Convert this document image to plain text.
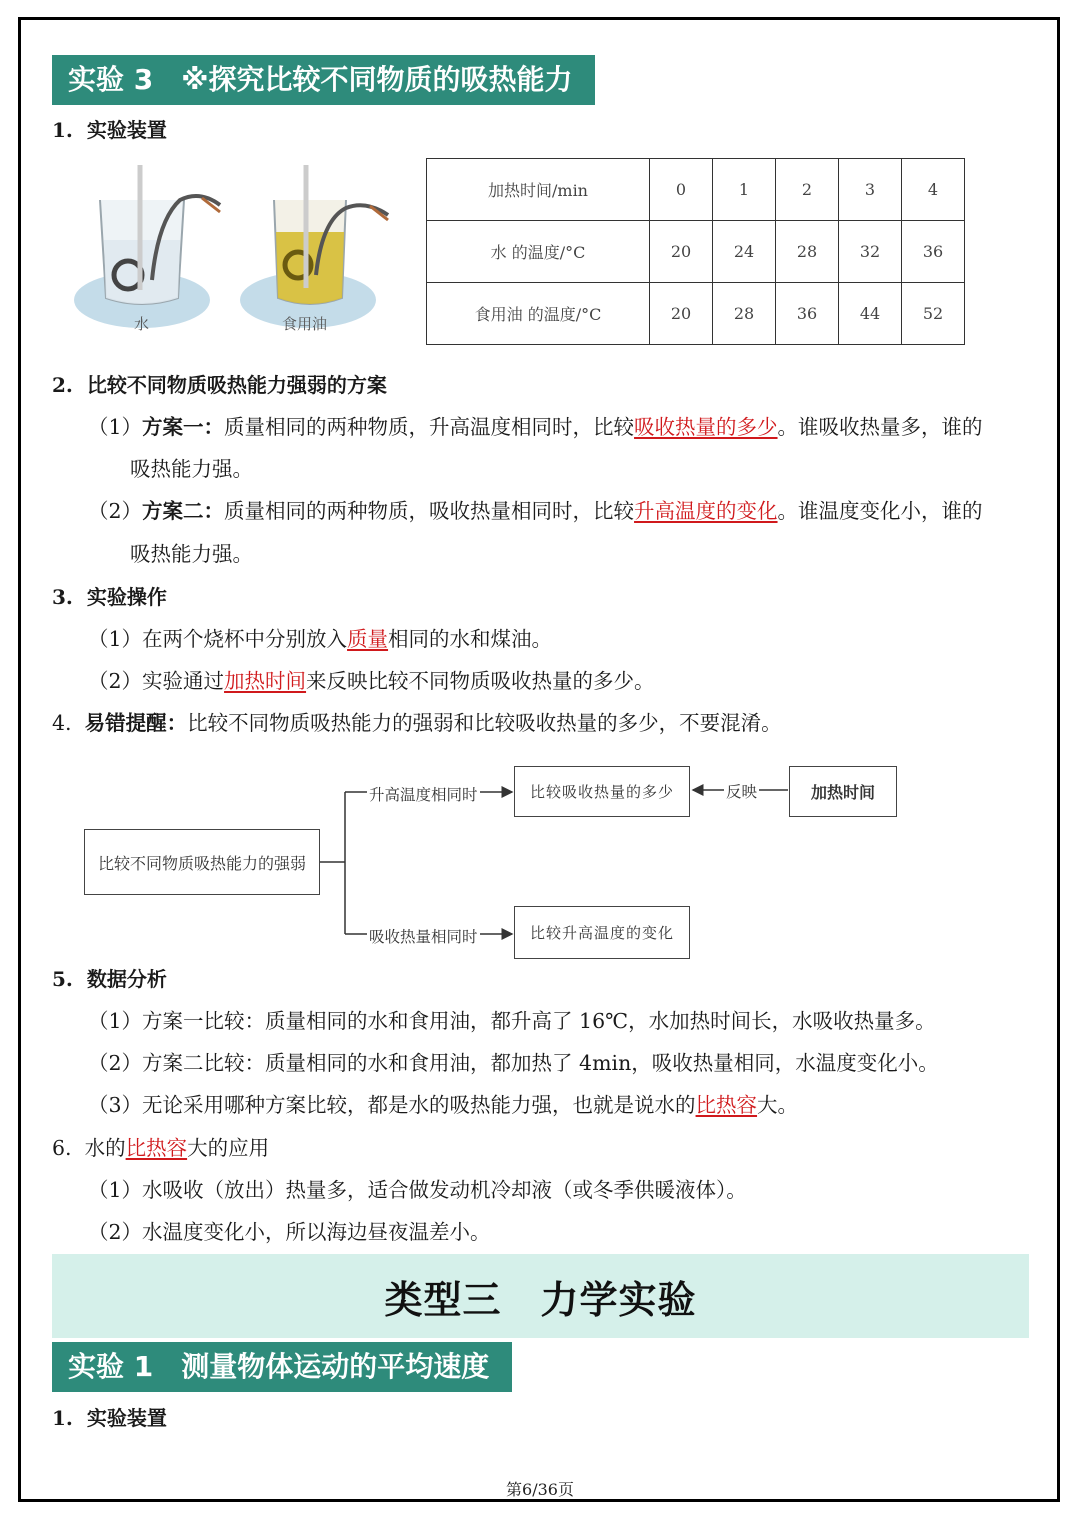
实验 3　※探究比较不同物质的吸热能力
1. 实验装置
水	食用油
加热时间/min	0	1	2	3	4
水 的温度/°C	20	24	28	32	36
食用油 的温度/°C	20	28	36	44	52
2. 比较不同物质吸热能力强弱的方案
（1）方案一：质量相同的两种物质，升高温度相同时，比较吸收热量的多少。谁吸收热量多，谁的
吸热能力强。
（2）方案二：质量相同的两种物质，吸收热量相同时，比较升高温度的变化。谁温度变化小，谁的
吸热能力强。
3. 实验操作
（1）在两个烧杯中分别放入质量相同的水和煤油。
（2）实验通过加热时间来反映比较不同物质吸收热量的多少。
4. 易错提醒：比较不同物质吸热能力的强弱和比较吸收热量的多少，不要混淆。
比较不同物质吸热能力的强弱
升高温度相同时
吸收热量相同时
比较吸收热量的多少
比较升高温度的变化
反映	加热时间
5. 数据分析
（1）方案一比较：质量相同的水和食用油，都升高了 16℃，水加热时间长，水吸收热量多。
（2）方案二比较：质量相同的水和食用油，都加热了 4min，吸收热量相同，水温度变化小。
（3）无论采用哪种方案比较，都是水的吸热能力强，也就是说水的比热容大。
6. 水的比热容大的应用
（1）水吸收（放出）热量多，适合做发动机冷却液（或冬季供暖液体）。
（2）水温度变化小，所以海边昼夜温差小。
类型三　力学实验
实验 1　测量物体运动的平均速度
1. 实验装置
第6/36页
